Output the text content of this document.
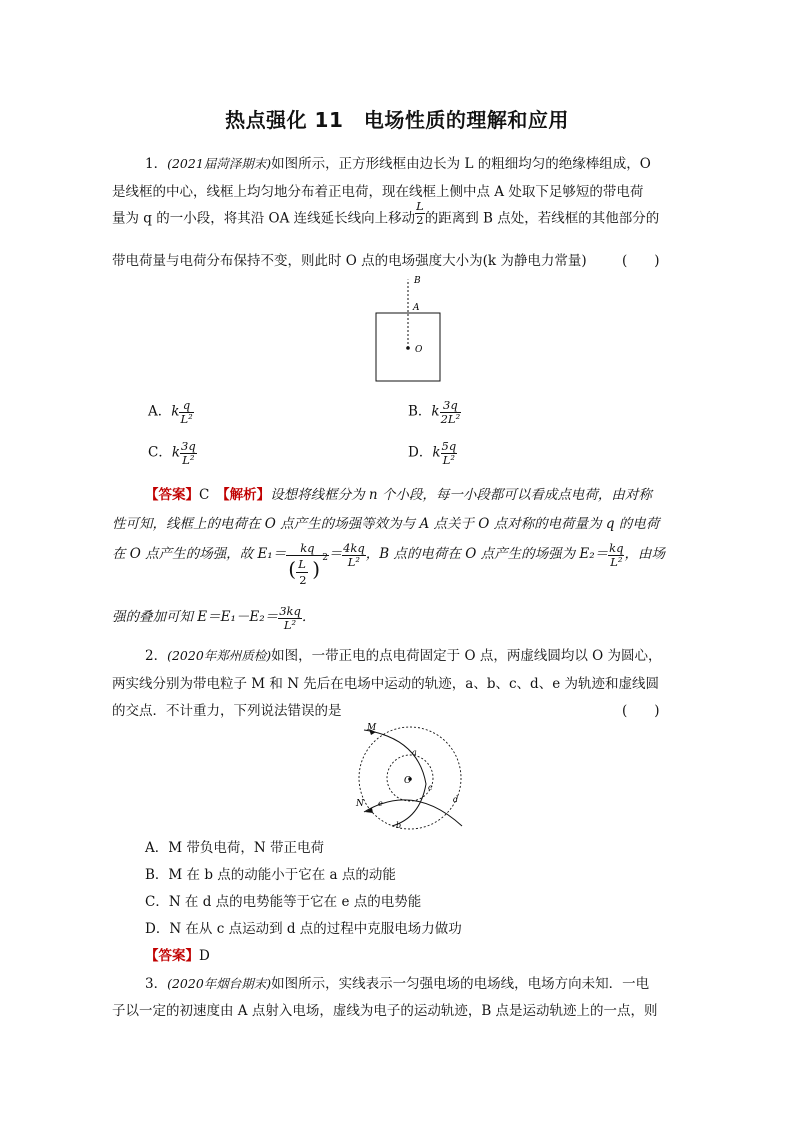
热点强化 11　电场性质的理解和应用
1．(2021届菏泽期末)如图所示，正方形线框由边长为 L 的粗细均匀的绝缘棒组成，O
是线框的中心，线框上均匀地分布着正电荷，现在线框上侧中点 A 处取下足够短的带电荷
量为 q 的一小段，将其沿 OA 连线延长线向上移动 $\frac{L}{2}$ 的距离到 B 点处，若线框的其他部分的
带电荷量与电荷分布保持不变，则此时 O 点的电场强度大小为(k 为静电力常量)	(　　)
B
A
O
A．k $\frac{q}{\text{L²}}$	B．k $\frac{3q}{\text{2L²}}$
C．k $\frac{3q}{\text{L²}}$	D．k $\frac{5q}{\text{L²}}$
【答案】C　 【解析】设想将线框分为 n 个小段，每一小段都可以看成点电荷，由对称
性可知，线框上的电荷在 O 点产生的场强等效为与 A 点关于 O 点对称的电荷量为 q 的电荷
在 O 点产生的场强，故 E₁＝ kq
( L
2 ) $2 = \frac{4kq}{\text{L²}}$ ，B 点的电荷在 O 点产生的场强为 $E_2= \frac{kq}{\text{L²}}$ ，由场
强的叠加可知 $E=E_1-E_2= \frac{3kq}{\text{L²}}$ ．
2．(2020年郑州质检)如图，一带正电的点电荷固定于 O 点，两虚线圆均以 O 为圆心，
两实线分别为带电粒子 M 和 N 先后在电场中运动的轨迹，a、b、c、d、e 为轨迹和虚线圆
的交点．不计重力，下列说法错误的是	(　　)
M
N
O
a
b
c
d
e
A．M 带负电荷，N 带正电荷
B．M 在 b 点的动能小于它在 a 点的动能
C．N 在 d 点的电势能等于它在 e 点的电势能
D．N 在从 c 点运动到 d 点的过程中克服电场力做功
【答案】D
3．(2020年烟台期末)如图所示，实线表示一匀强电场的电场线，电场方向未知．一电
子以一定的初速度由 A 点射入电场，虚线为电子的运动轨迹，B 点是运动轨迹上的一点，则
